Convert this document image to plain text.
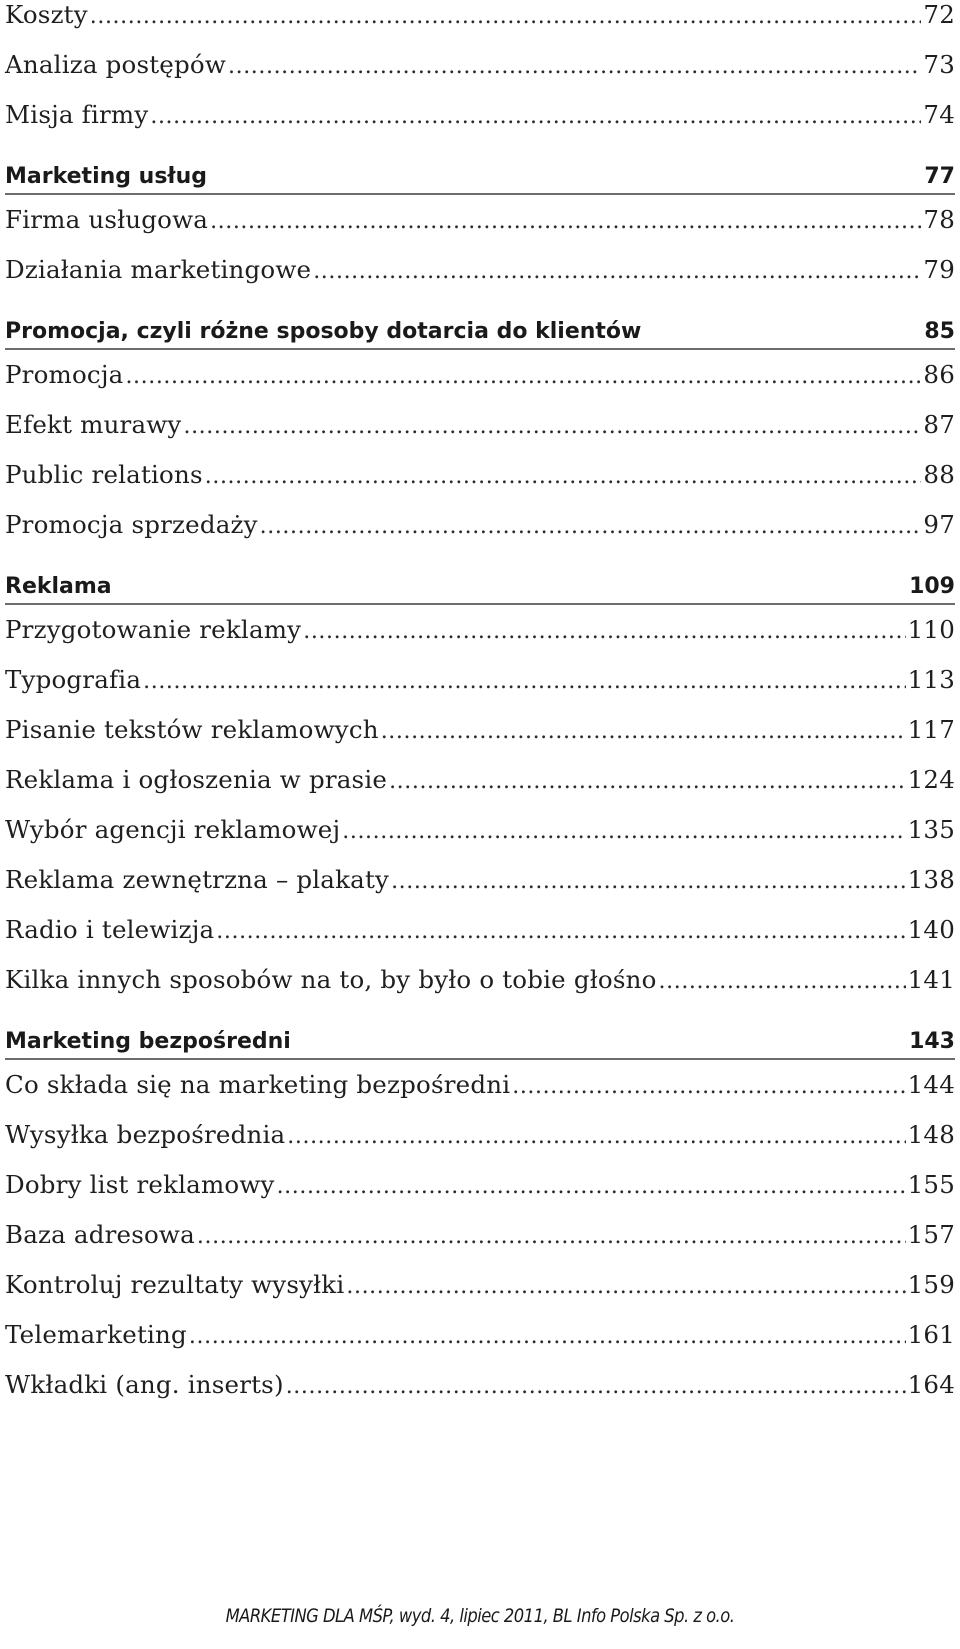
Koszty .....	72
Analiza postępów .....	73
Misja firmy .....	74
Marketing usług	77
Firma usługowa .....	78
Działania marketingowe .....	79
Promocja, czyli różne sposoby dotarcia do klientów	85
Promocja .....	86
Efekt murawy .....	87
Public relations .....	88
Promocja sprzedaży .....	97
Reklama	109
Przygotowanie reklamy .....	110
Typografia .....	113
Pisanie tekstów reklamowych .....	117
Reklama i ogłoszenia w prasie .....	124
Wybór agencji reklamowej .....	135
Reklama zewnętrzna – plakaty .....	138
Radio i telewizja .....	140
Kilka innych sposobów na to, by było o tobie głośno .....	141
Marketing bezpośredni	143
Co składa się na marketing bezpośredni .....	144
Wysyłka bezpośrednia .....	148
Dobry list reklamowy .....	155
Baza adresowa .....	157
Kontroluj rezultaty wysyłki .....	159
Telemarketing .....	161
Wkładki (ang. inserts) .....	164
MARKETING DLA MŚP, wyd. 4, lipiec 2011, BL Info Polska Sp. z o.o.
